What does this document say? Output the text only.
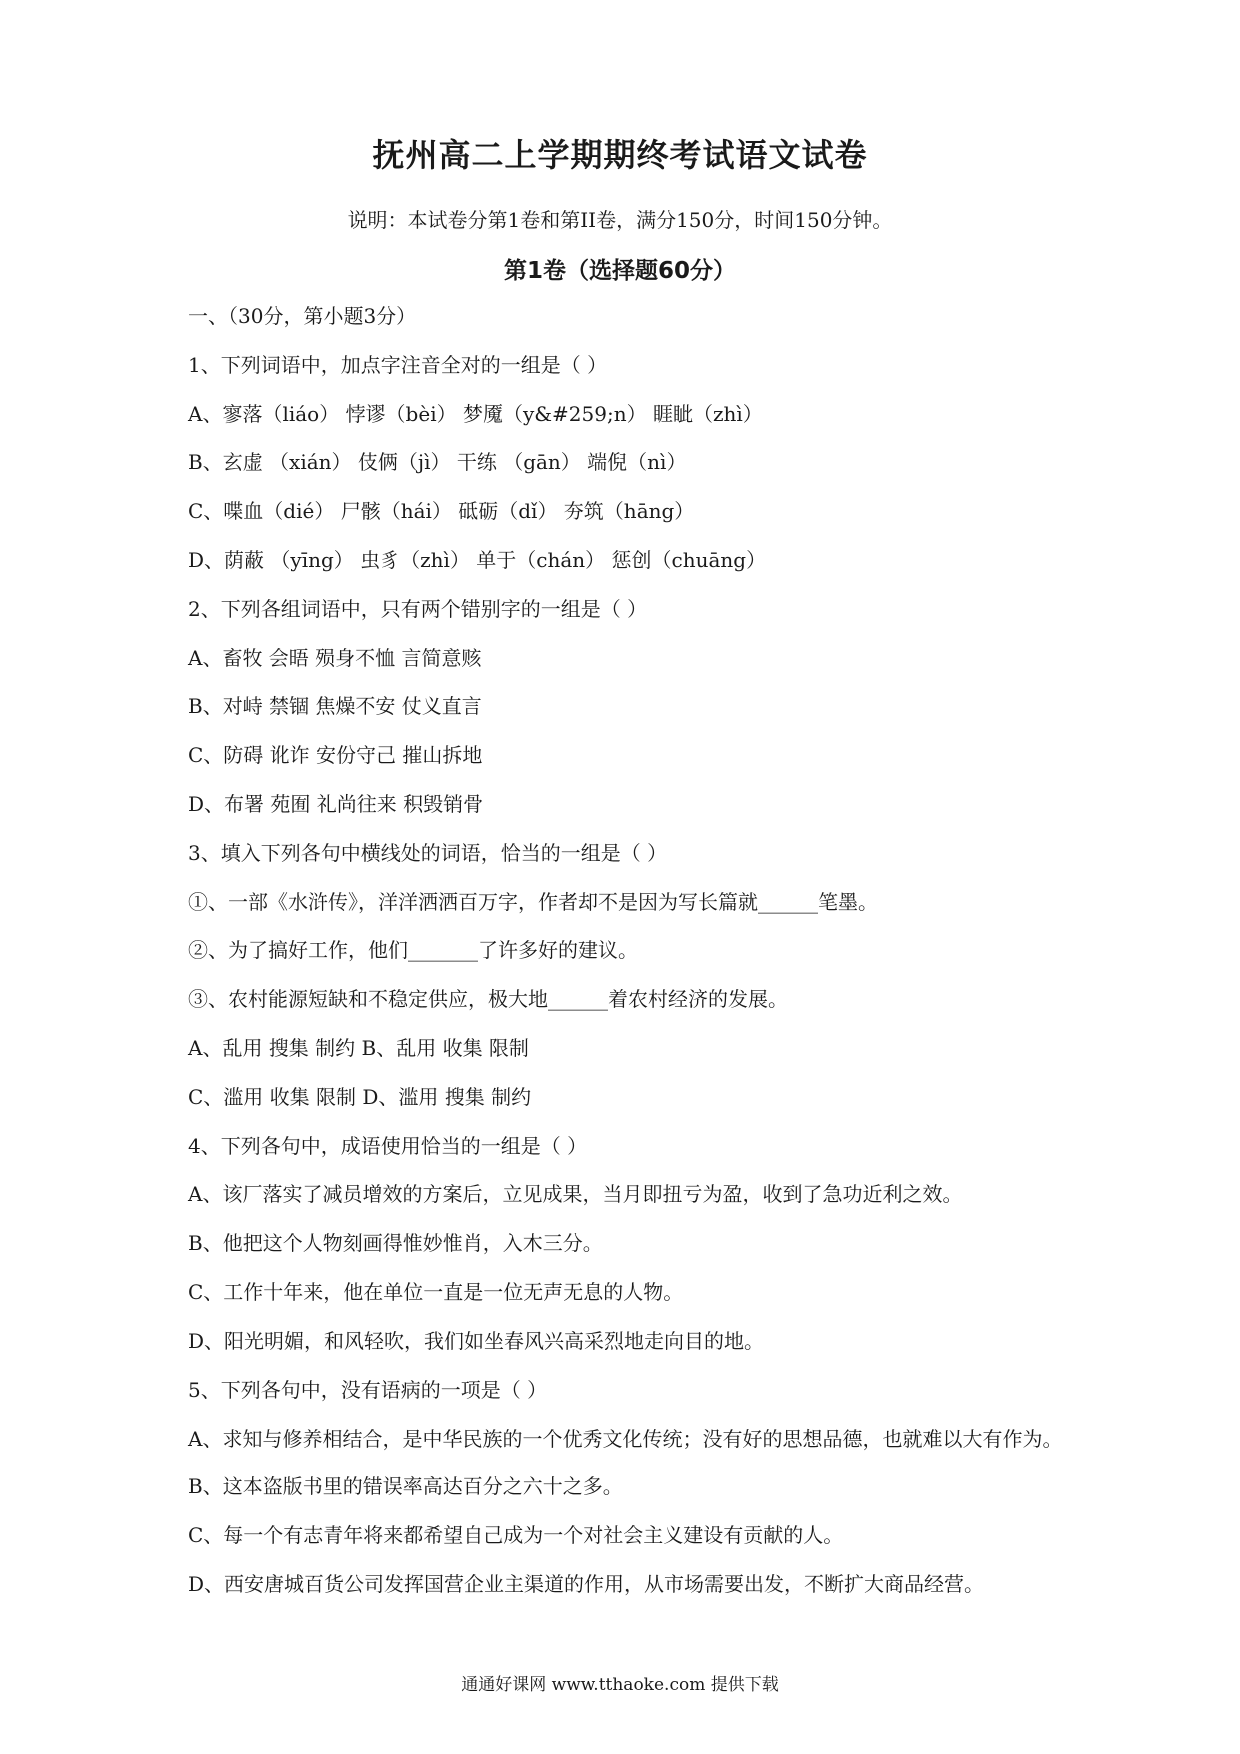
抚州高二上学期期终考试语文试卷
说明：本试卷分第1卷和第II卷，满分150分，时间150分钟。
第1卷（选择题60分）
一、（30分，第小题3分）
1、下列词语中，加点字注音全对的一组是（ ）
A、寥落（liáo） 悖谬（bèi） 梦魇（y&#259;n） 睚眦（zhì）
B、玄虚 （xián） 伎俩（jì） 干练 （gān） 端倪（nì）
C、喋血（dié） 尸骸（hái） 砥砺（dǐ） 夯筑（hāng）
D、荫蔽 （yīng） 虫豸（zhì） 单于（chán） 惩创（chuāng）
2、下列各组词语中，只有两个错别字的一组是（ ）
A、畜牧 会晤 殒身不恤 言简意赅
B、对峙 禁锢 焦燥不安 仗义直言
C、防碍 讹诈 安份守己 摧山拆地
D、布署 苑囿 礼尚往来 积毁销骨
3、填入下列各句中横线处的词语，恰当的一组是（ ）
①、一部《水浒传》，洋洋洒洒百万字，作者却不是因为写长篇就______笔墨。
②、为了搞好工作，他们_______了许多好的建议。
③、农村能源短缺和不稳定供应，极大地______着农村经济的发展。
A、乱用 搜集 制约 B、乱用 收集 限制
C、滥用 收集 限制 D、滥用 搜集 制约
4、下列各句中，成语使用恰当的一组是（ ）
A、该厂落实了减员增效的方案后，立见成果，当月即扭亏为盈，收到了急功近利之效。
B、他把这个人物刻画得惟妙惟肖，入木三分。
C、工作十年来，他在单位一直是一位无声无息的人物。
D、阳光明媚，和风轻吹，我们如坐春风兴高采烈地走向目的地。
5、下列各句中，没有语病的一项是（ ）
A、求知与修养相结合，是中华民族的一个优秀文化传统；没有好的思想品德，也就难以大有作为。
B、这本盗版书里的错误率高达百分之六十之多。
C、每一个有志青年将来都希望自己成为一个对社会主义建设有贡献的人。
D、西安唐城百货公司发挥国营企业主渠道的作用，从市场需要出发，不断扩大商品经营。
通通好课网 www.tthaoke.com 提供下载
